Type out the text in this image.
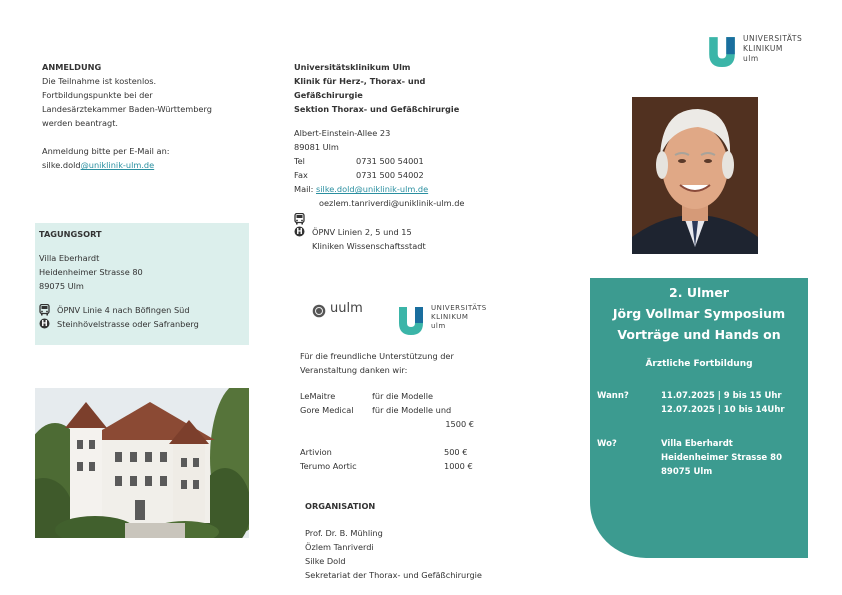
ANMELDUNG
Die Teilnahme ist kostenlos.
Fortbildungspunkte bei der
Landesärztekammer Baden-Württemberg
werden beantragt.
Anmeldung bitte per E-Mail an:
silke.dold@uniklinik-ulm.de
TAGUNGSORT
Villa Eberhardt
Heidenheimer Strasse 80
89075 Ulm
ÖPNV Linie 4 nach Böfingen Süd
H Steinhövelstrasse oder Safranberg
Universitätsklinikum Ulm
Klinik für Herz-, Thorax- und
Gefäßchirurgie
Sektion Thorax- und Gefäßchirurgie
Albert-Einstein-Allee 23
89081 Ulm
Tel	0731 500 54001
Fax	0731 500 54002
Mail: silke.dold@uniklinik-ulm.de
oezlem.tanriverdi@uniklinik-ulm.de
H ÖPNV Linien 2, 5 und 15
Kliniken Wissenschaftsstadt
uulm	UNIVERSITÄTS
KLINIKUM
ulm
Für die freundliche Unterstützung der Veranstaltung danken wir:
LeMaitre	für die Modelle
Gore Medical	für die Modelle und
1500 €
Artivion	500 €
Terumo Aortic	1000 €
ORGANISATION
Prof. Dr. B. Mühling
Özlem Tanriverdi
Silke Dold
Sekretariat der Thorax- und Gefäßchirurgie
UNIVERSITÄTS
KLINIKUM
ulm
2. Ulmer
Jörg Vollmar Symposium
Vorträge und Hands on
Ärztliche Fortbildung
Wann?	11.07.2025 | 9 bis 15 Uhr
12.07.2025 | 10 bis 14Uhr
Wo?	Villa Eberhardt
Heidenheimer Strasse 80
89075 Ulm
